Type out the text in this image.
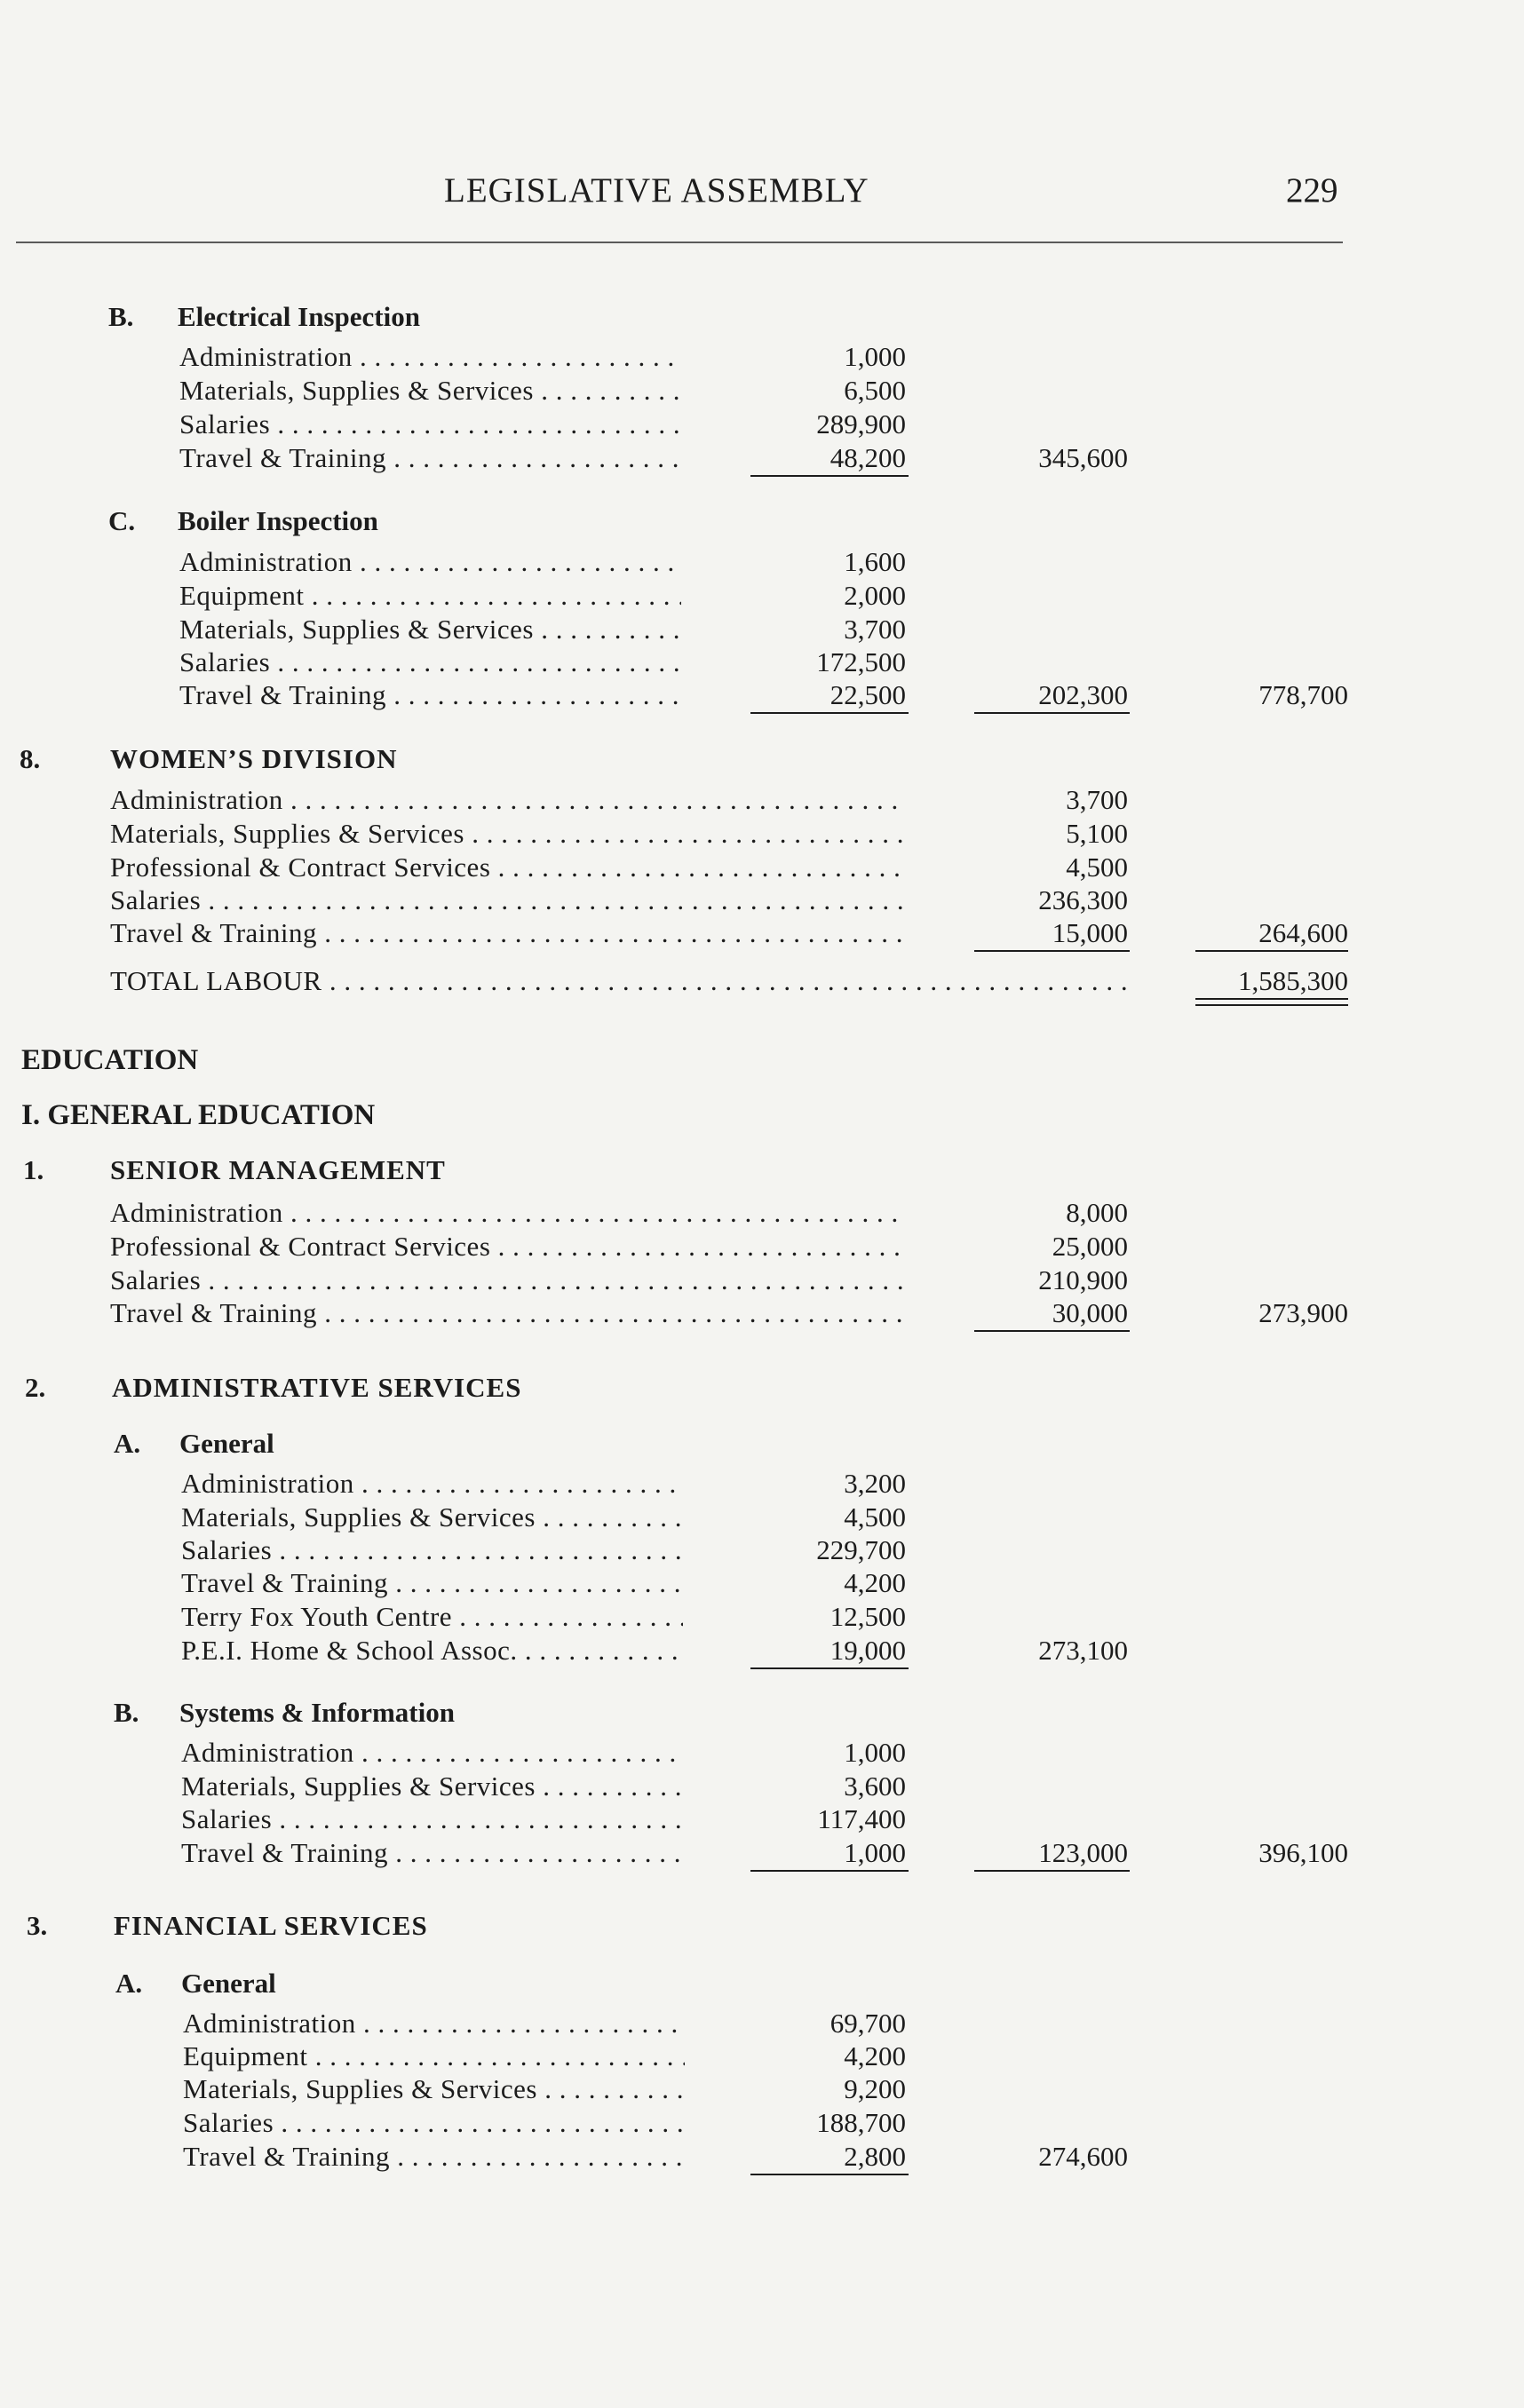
LEGISLATIVE ASSEMBLY	229
B. Electrical Inspection
Administration . . .	1,000
Materials, Supplies & Services . . .	6,500
Salaries . . .	289,900
Travel & Training . . .	48,200	345,600
C. Boiler Inspection
Administration . . .	1,600
Equipment . . .	2,000
Materials, Supplies & Services . . .	3,700
Salaries . . .	172,500
Travel & Training . . .	22,500	202,300	778,700
8.	WOMEN’S DIVISION
Administration . . .	3,700
Materials, Supplies & Services . . .	5,100
Professional & Contract Services . . .	4,500
Salaries . . .	236,300
Travel & Training . . .	15,000	264,600
TOTAL LABOUR . . .	1,585,300
EDUCATION
I. GENERAL EDUCATION
1. SENIOR MANAGEMENT
Administration . . .	8,000
Professional & Contract Services . . .	25,000
Salaries . . .	210,900
Travel & Training . . .	30,000	273,900
2. ADMINISTRATIVE SERVICES
A. General
Administration . . .	3,200
Materials, Supplies & Services . . .	4,500
Salaries . . .	229,700
Travel & Training . . .	4,200
Terry Fox Youth Centre . . .	12,500
P.E.I. Home & School Assoc. . . .	19,000	273,100
B. Systems & Information
Administration . . .	1,000
Materials, Supplies & Services . . .	3,600
Salaries . . .	117,400
Travel & Training . . .	1,000	123,000	396,100
3. FINANCIAL SERVICES
A. General
Administration . . .	69,700
Equipment . . .	4,200
Materials, Supplies & Services . . .	9,200
Salaries . . .	188,700
Travel & Training . . .	2,800	274,600
